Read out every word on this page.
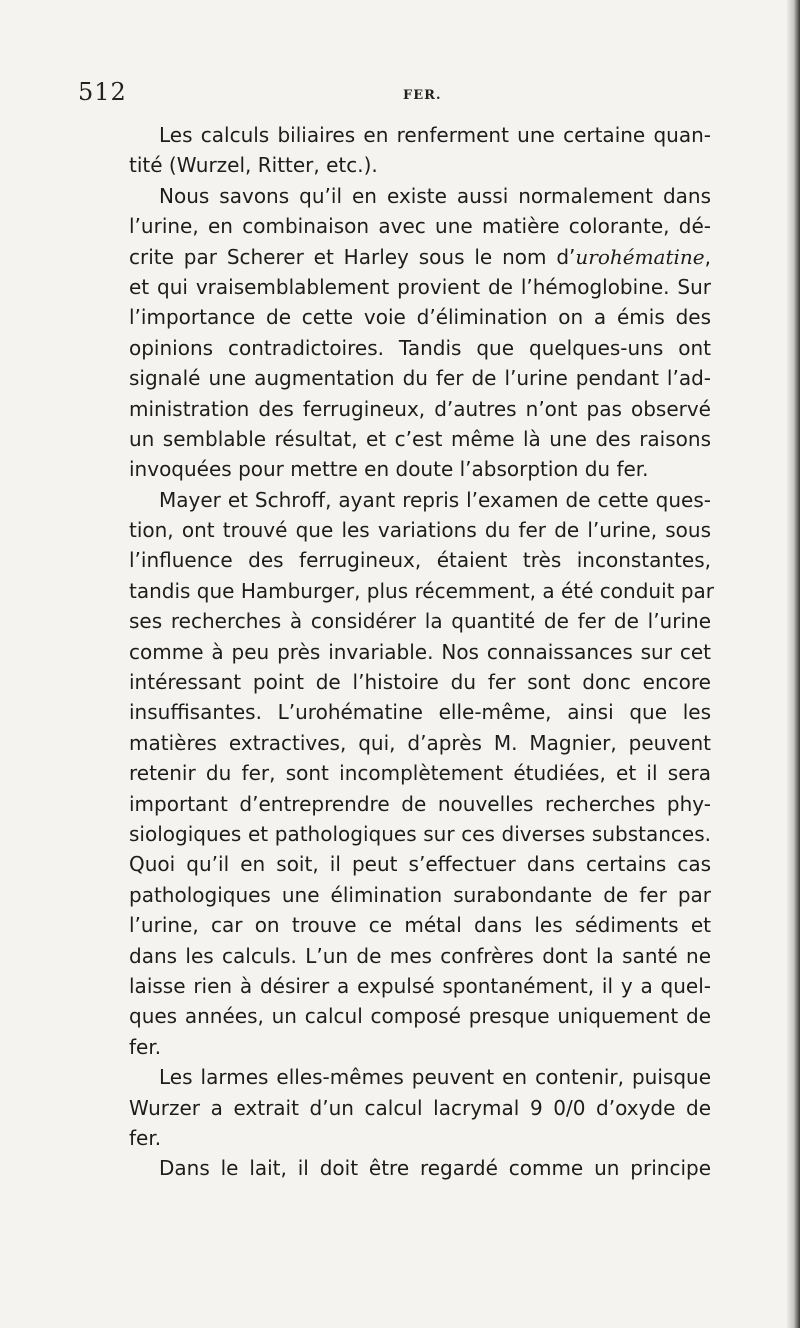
512	FER.
Les calculs biliaires en renferment une certaine quan-
tité (Wurzel, Ritter, etc.).
Nous savons qu’il en existe aussi normalement dans
l’urine, en combinaison avec une matière colorante, dé-
crite par Scherer et Harley sous le nom d’urohématine,
et qui vraisemblablement provient de l’hémoglobine. Sur
l’importance de cette voie d’élimination on a émis des
opinions contradictoires. Tandis que quelques-uns ont
signalé une augmentation du fer de l’urine pendant l’ad-
ministration des ferrugineux, d’autres n’ont pas observé
un semblable résultat, et c’est même là une des raisons
invoquées pour mettre en doute l’absorption du fer.
Mayer et Schroff, ayant repris l’examen de cette ques-
tion, ont trouvé que les variations du fer de l’urine, sous
l’influence des ferrugineux, étaient très inconstantes,
tandis que Hamburger, plus récemment, a été conduit par
ses recherches à considérer la quantité de fer de l’urine
comme à peu près invariable. Nos connaissances sur cet
intéressant point de l’histoire du fer sont donc encore
insuffisantes. L’urohématine elle-même, ainsi que les
matières extractives, qui, d’après M. Magnier, peuvent
retenir du fer, sont incomplètement étudiées, et il sera
important d’entreprendre de nouvelles recherches phy-
siologiques et pathologiques sur ces diverses substances.
Quoi qu’il en soit, il peut s’effectuer dans certains cas
pathologiques une élimination surabondante de fer par
l’urine, car on trouve ce métal dans les sédiments et
dans les calculs. L’un de mes confrères dont la santé ne
laisse rien à désirer a expulsé spontanément, il y a quel-
ques années, un calcul composé presque uniquement de
fer.
Les larmes elles-mêmes peuvent en contenir, puisque
Wurzer a extrait d’un calcul lacrymal 9 0/0 d’oxyde de
fer.
Dans le lait, il doit être regardé comme un principe
